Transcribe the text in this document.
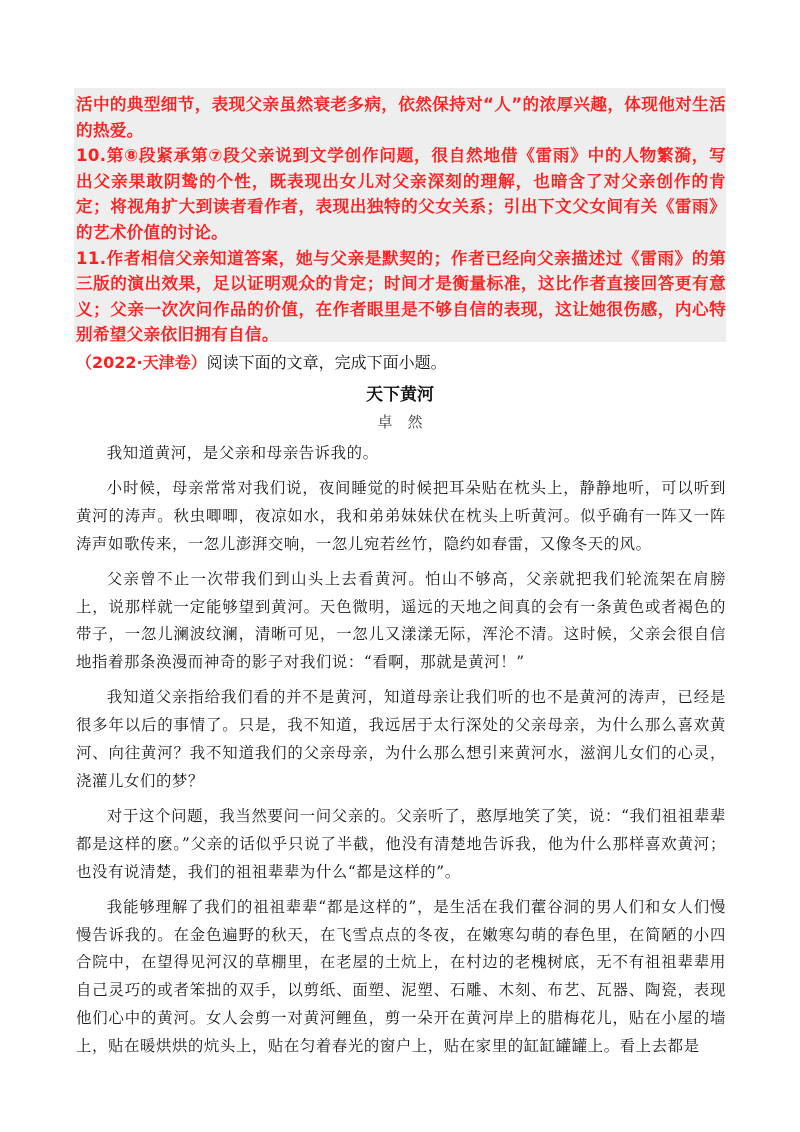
活中的典型细节，表现父亲虽然衰老多病，依然保持对“人”的浓厚兴趣，体现他对生活的热爱。

10.第⑧段紧承第⑦段父亲说到文学创作问题，很自然地借《雷雨》中的人物繁漪，写出父亲果敢阴鸷的个性，既表现出女儿对父亲深刻的理解，也暗含了对父亲创作的肯定；将视角扩大到读者看作者，表现出独特的父女关系；引出下文父女间有关《雷雨》的艺术价值的讨论。

11.作者相信父亲知道答案，她与父亲是默契的；作者已经向父亲描述过《雷雨》的第三版的演出效果，足以证明观众的肯定；时间才是衡量标准，这比作者直接回答更有意义；父亲一次次问作品的价值，在作者眼里是不够自信的表现，这让她很伤感，内心特别希望父亲依旧拥有自信。

（2022·天津卷）阅读下面的文章，完成下面小题。
天下黄河
卓　然

我知道黄河，是父亲和母亲告诉我的。

小时候，母亲常常对我们说，夜间睡觉的时候把耳朵贴在枕头上，静静地听，可以听到黄河的涛声。秋虫唧唧，夜凉如水，我和弟弟妹妹伏在枕头上听黄河。似乎确有一阵又一阵涛声如歌传来，一忽儿澎湃交响，一忽儿宛若丝竹，隐约如春雷，又像冬天的风。

父亲曾不止一次带我们到山头上去看黄河。怕山不够高，父亲就把我们轮流架在肩膀上，说那样就一定能够望到黄河。天色微明，遥远的天地之间真的会有一条黄色或者褐色的带子，一忽儿澜波纹澜，清晰可见，一忽儿又漾漾无际，浑沦不清。这时候，父亲会很自信地指着那条涣漫而神奇的影子对我们说：“看啊，那就是黄河！”

我知道父亲指给我们看的并不是黄河，知道母亲让我们听的也不是黄河的涛声，已经是很多年以后的事情了。只是，我不知道，我远居于太行深处的父亲母亲，为什么那么喜欢黄河、向往黄河？我不知道我们的父亲母亲，为什么那么想引来黄河水，滋润儿女们的心灵，浇灌儿女们的梦？

对于这个问题，我当然要问一问父亲的。父亲听了，憨厚地笑了笑，说：“我们祖祖辈辈都是这样的麽。”父亲的话似乎只说了半截，他没有清楚地告诉我，他为什么那样喜欢黄河；也没有说清楚，我们的祖祖辈辈为什么“都是这样的”。

我能够理解了我们的祖祖辈辈“都是这样的”，是生活在我们藿谷洞的男人们和女人们慢慢告诉我的。在金色遍野的秋天，在飞雪点点的冬夜，在嫩寒勾萌的春色里，在简陋的小四合院中，在望得见河汉的草棚里，在老屋的土炕上，在村边的老槐树底，无不有祖祖辈辈用自己灵巧的或者笨拙的双手，以剪纸、面塑、泥塑、石雕、木刻、布艺、瓦器、陶瓷，表现他们心中的黄河。女人会剪一对黄河鲤鱼，剪一朵开在黄河岸上的腊梅花儿，贴在小屋的墙上，贴在暖烘烘的炕头上，贴在匀着春光的窗户上，贴在家里的缸缸罐罐上。看上去都是
